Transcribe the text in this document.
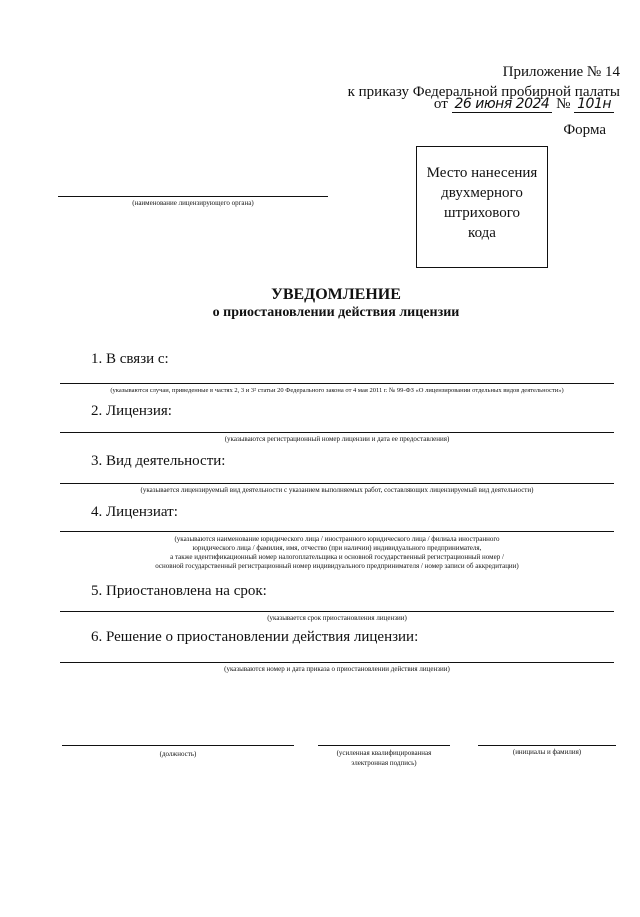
Приложение № 14
к приказу Федеральной пробирной палаты
от 26 июня 2024 № 101н
Форма
(наименование лицензирующего органа)
Место нанесения
двухмерного
штрихового
кода
УВЕДОМЛЕНИЕ
о приостановлении действия лицензии
1. В связи с:
(указываются случаи, приведенные в частях 2, 3 и 3² статьи 20 Федерального закона от 4 мая 2011 г. № 99-ФЗ «О лицензировании отдельных видов деятельности»)
2. Лицензия:
(указываются регистрационный номер лицензии и дата ее предоставления)
3. Вид деятельности:
(указывается лицензируемый вид деятельности с указанием выполняемых работ, составляющих лицензируемый вид деятельности)
4. Лицензиат:
(указываются наименование юридического лица / иностранного юридического лица / филиала иностранного
юридического лица / фамилия, имя, отчество (при наличии) индивидуального предпринимателя,
а также идентификационный номер налогоплательщика и основной государственный регистрационный номер /
основной государственный регистрационный номер индивидуального предпринимателя / номер записи об аккредитации)
5. Приостановлена на срок:
(указывается срок приостановления лицензии)
6. Решение о приостановлении действия лицензии:
(указываются номер и дата приказа о приостановлении действия лицензии)
(должность)	(усиленная квалифицированная
электронная подпись)
(инициалы и фамилия)
